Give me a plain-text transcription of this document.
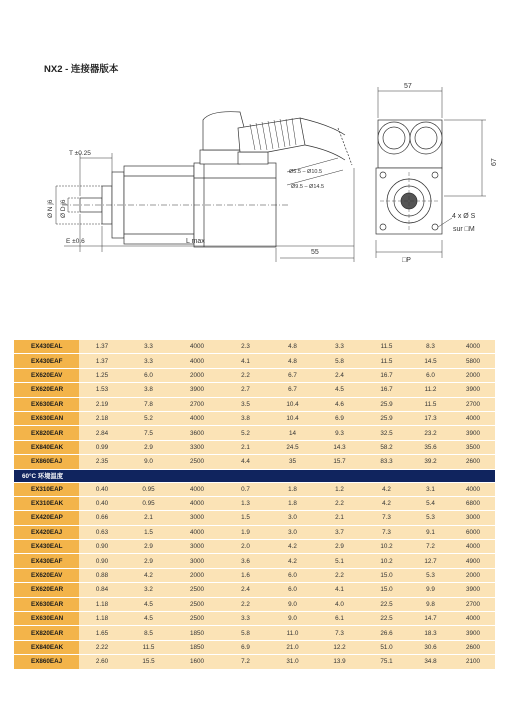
NX2 - 连接器版本
T ±0.25
Ø N j6 Ø D j6
E ±0.6	L max
55
Ø5.5 – Ø10.5
Ø9.5 – Ø14.5
57
67
4 x Ø S
sur □M
□P
EX430EAL	1.37	3.3	4000	2.3	4.8	3.3	11.5	8.3	4000
EX430EAF	1.37	3.3	4000	4.1	4.8	5.8	11.5	14.5	5800
EX620EAV	1.25	6.0	2000	2.2	6.7	2.4	16.7	6.0	2000
EX620EAR	1.53	3.8	3900	2.7	6.7	4.5	16.7	11.2	3900
EX630EAR	2.19	7.8	2700	3.5	10.4	4.6	25.9	11.5	2700
EX630EAN	2.18	5.2	4000	3.8	10.4	6.9	25.9	17.3	4000
EX820EAR	2.84	7.5	3600	5.2	14	9.3	32.5	23.2	3900
EX840EAK	0.99	2.9	3300	2.1	24.5	14.3	58.2	35.6	3500
EX860EAJ	2.35	9.0	2500	4.4	35	15.7	83.3	39.2	2600
60°C 环境温度									
EX310EAP	0.40	0.95	4000	0.7	1.8	1.2	4.2	3.1	4000
EX310EAK	0.40	0.95	4000	1.3	1.8	2.2	4.2	5.4	6800
EX420EAP	0.66	2.1	3000	1.5	3.0	2.1	7.3	5.3	3000
EX420EAJ	0.63	1.5	4000	1.9	3.0	3.7	7.3	9.1	6000
EX430EAL	0.90	2.9	3000	2.0	4.2	2.9	10.2	7.2	4000
EX430EAF	0.90	2.9	3000	3.6	4.2	5.1	10.2	12.7	4900
EX620EAV	0.88	4.2	2000	1.6	6.0	2.2	15.0	5.3	2000
EX620EAR	0.84	3.2	2500	2.4	6.0	4.1	15.0	9.9	3900
EX630EAR	1.18	4.5	2500	2.2	9.0	4.0	22.5	9.8	2700
EX630EAN	1.18	4.5	2500	3.3	9.0	6.1	22.5	14.7	4000
EX820EAR	1.65	8.5	1850	5.8	11.0	7.3	26.6	18.3	3900
EX840EAK	2.22	11.5	1850	6.9	21.0	12.2	51.0	30.6	2600
EX860EAJ	2.60	15.5	1600	7.2	31.0	13.9	75.1	34.8	2100
